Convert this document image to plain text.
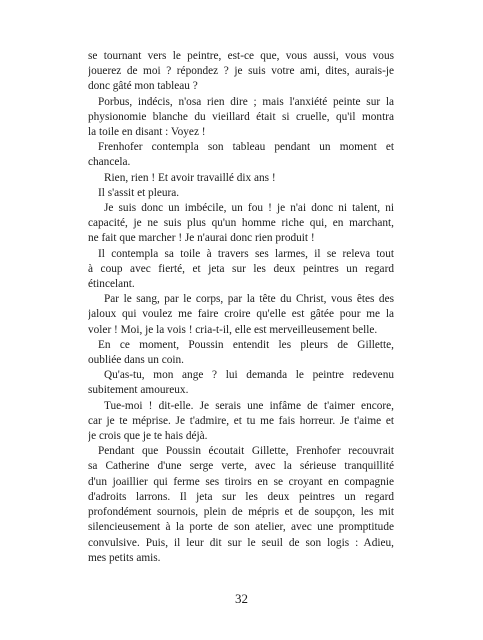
se tournant vers le peintre, est-ce que, vous aussi, vous vous
jouerez de moi ? répondez ? je suis votre ami, dites, aurais-je
donc gâté mon tableau ?
Porbus, indécis, n'osa rien dire ; mais l'anxiété peinte sur la
physionomie blanche du vieillard était si cruelle, qu'il montra
la toile en disant : Voyez !
Frenhofer contempla son tableau pendant un moment et
chancela.
Rien, rien ! Et avoir travaillé dix ans !
Il s'assit et pleura.
Je suis donc un imbécile, un fou ! je n'ai donc ni talent, ni
capacité, je ne suis plus qu'un homme riche qui, en marchant,
ne fait que marcher ! Je n'aurai donc rien produit !
Il contempla sa toile à travers ses larmes, il se releva tout
à coup avec fierté, et jeta sur les deux peintres un regard
étincelant.
Par le sang, par le corps, par la tête du Christ, vous êtes des
jaloux qui voulez me faire croire qu'elle est gâtée pour me la
voler ! Moi, je la vois ! cria-t-il, elle est merveilleusement belle.
En ce moment, Poussin entendit les pleurs de Gillette,
oubliée dans un coin.
Qu'as-tu, mon ange ? lui demanda le peintre redevenu
subitement amoureux.
Tue-moi ! dit-elle. Je serais une infâme de t'aimer encore,
car je te méprise. Je t'admire, et tu me fais horreur. Je t'aime et
je crois que je te hais déjà.
Pendant que Poussin écoutait Gillette, Frenhofer recouvrait
sa Catherine d'une serge verte, avec la sérieuse tranquillité
d'un joaillier qui ferme ses tiroirs en se croyant en compagnie
d'adroits larrons. Il jeta sur les deux peintres un regard
profondément sournois, plein de mépris et de soupçon, les mit
silencieusement à la porte de son atelier, avec une promptitude
convulsive. Puis, il leur dit sur le seuil de son logis : Adieu,
mes petits amis.
32
